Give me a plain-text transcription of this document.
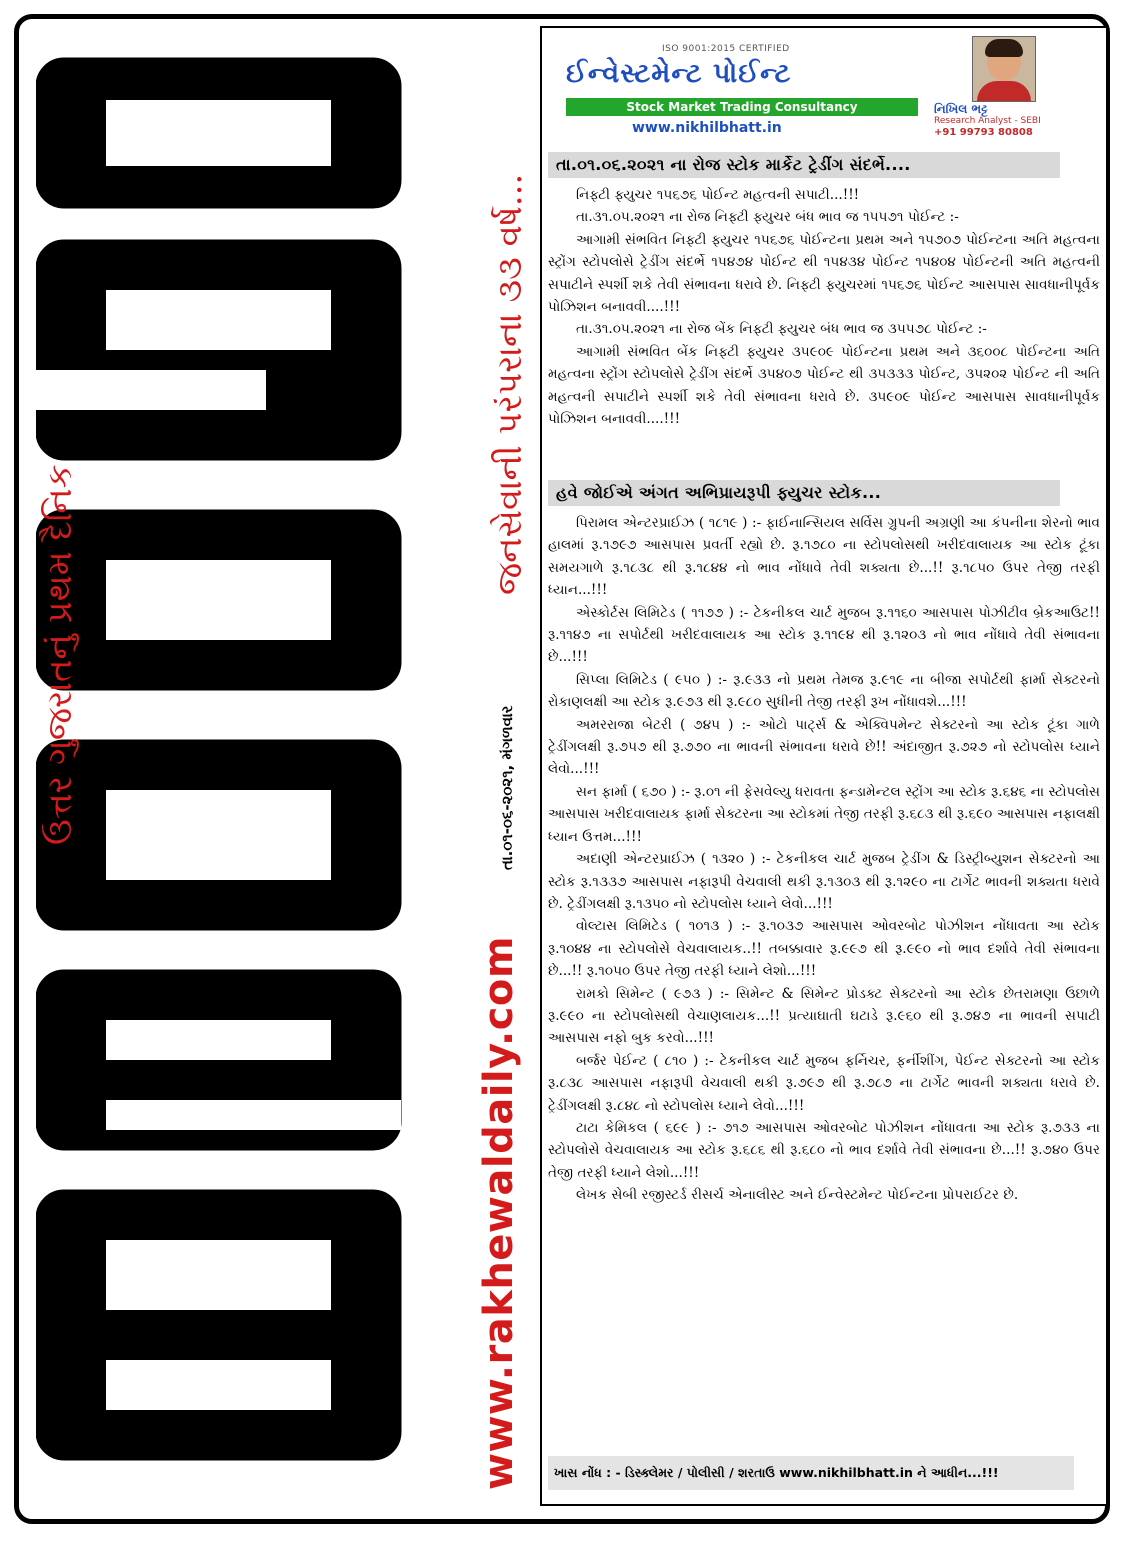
ઉત્તર ગુજરાતનું પ્રથમ દૈનિક
જનસેવાની પરંપરાના ૩૩ વર્ષ...
તા.૦૧-૦૬-૨૦૨૧, મંગળવાર
www.rakhewaldaily.com
ISO 9001:2015 CERTIFIED
ઈન્વેસ્ટમેન્ટ પોઈન્ટ
Stock Market Trading Consultancy
www.nikhilbhatt.in
નિખિલ ભટ્ટ
Research Analyst - SEBI
+91 99793 80808
તા.૦૧.૦૬.૨૦૨૧ ના રોજ સ્ટોક માર્કેટ ટ્રેડીંગ સંદર્ભે....

નિફ્ટી ફ્યુચર ૧૫૬૭૬ પોઈન્ટ મહત્વની સપાટી...!!!

તા.૩૧.૦૫.૨૦૨૧ ના રોજ નિફ્ટી ફ્યુચર બંધ ભાવ જ ૧૫૫૭૧ પોઈન્ટ :-

આગામી સંભવિત નિફ્ટી ફ્યુચર ૧૫૬૭૬ પોઈન્ટના પ્રથમ અને ૧૫૭૦૭ પોઈન્ટના અતિ મહત્વના સ્ટ્રોંગ સ્ટોપલોસે ટ્રેડીંગ સંદર્ભે ૧૫૪૭૪ પોઈન્ટ થી ૧૫૪૩૪ પોઈન્ટ ૧૫૪૦૪ પોઈન્ટની અતિ મહત્વની સપાટીને સ્પર્શી શકે તેવી સંભાવના ધરાવે છે. નિફ્ટી ફ્યુચરમાં ૧૫૬૭૬ પોઈન્ટ આસપાસ સાવધાનીપૂર્વક પોઝિશન બનાવવી....!!!

તા.૩૧.૦૫.૨૦૨૧ ના રોજ બેંક નિફ્ટી ફ્યુચર બંધ ભાવ જ ૩૫૫૭૮ પોઈન્ટ :-

આગામી સંભવિત બેંક નિફ્ટી ફ્યુચર ૩૫૯૦૯ પોઈન્ટના પ્રથમ અને ૩૬૦૦૮ પોઈન્ટના અતિ મહત્વના સ્ટ્રોંગ સ્ટોપલોસે ટ્રેડીંગ સંદર્ભે ૩૫૪૦૭ પોઈન્ટ થી ૩૫૩૩૩ પોઈન્ટ, ૩૫૨૦૨ પોઈન્ટ ની અતિ મહત્વની સપાટીને સ્પર્શી શકે તેવી સંભાવના ધરાવે છે. ૩૫૯૦૯ પોઈન્ટ આસપાસ સાવધાનીપૂર્વક પોઝિશન બનાવવી....!!!

હવે જોઈએ અંગત અભિપ્રાયરૂપી ફ્યુચર સ્ટોક...

પિરામલ એન્ટરપ્રાઈઝ ( ૧૮૧૯ ) :- ફાઈનાન્સિયલ સર્વિસ ગ્રુપની અગ્રણી આ કંપનીના શેરનો ભાવ હાલમાં રૂ.૧૭૯૭ આસપાસ પ્રવર્તી રહ્યો છે. રૂ.૧૭૮૦ ના સ્ટોપલોસથી ખરીદવાલાયક આ સ્ટોક ટૂંકા સમયગાળે રૂ.૧૮૩૮ થી રૂ.૧૮૪૪ નો ભાવ નોંધાવે તેવી શક્યતા છે...!! રૂ.૧૮૫૦ ઉપર તેજી તરફી ધ્યાન...!!!

એસ્કોર્ટસ લિમિટેડ ( ૧૧૭૭ ) :- ટેકનીકલ ચાર્ટ મુજબ રૂ.૧૧૬૦ આસપાસ પોઝીટીવ બ્રેકઆઉટ!! રૂ.૧૧૪૭ ના સપોર્ટથી ખરીદવાલાયક આ સ્ટોક રૂ.૧૧૯૪ થી રૂ.૧૨૦૩ નો ભાવ નોંધાવે તેવી સંભાવના છે...!!!

સિપ્લા લિમિટેડ ( ૯૫૦ ) :- રૂ.૯૩૩ નો પ્રથમ તેમજ રૂ.૯૧૯ ના બીજા સપોર્ટથી ફાર્મા સેક્ટરનો રોકાણલક્ષી આ સ્ટોક રૂ.૯૭૩ થી રૂ.૯૮૦ સુધીની તેજી તરફી રૂખ નોંધાવશે...!!!

અમરરાજા બેટરી ( ૭૪૫ ) :- ઓટો પાર્ટ્સ & એક્વિપમેન્ટ સેક્ટરનો આ સ્ટોક ટૂંકા ગાળે ટ્રેડીંગલક્ષી રૂ.૭૫૭ થી રૂ.૭૭૦ ના ભાવની સંભાવના ધરાવે છે!! અંદાજીત રૂ.૭૨૭ નો સ્ટોપલોસ ધ્યાને લેવો...!!!

સન ફાર્મા ( ૬૭૦ ) :- રૂ.૦૧ ની ફેસવેલ્યુ ધરાવતા ફન્ડામેન્ટલ સ્ટ્રોંગ આ સ્ટોક રૂ.૬૪૬ ના સ્ટોપલોસ આસપાસ ખરીદવાલાયક ફાર્મા સેક્ટરના આ સ્ટોકમાં તેજી તરફી રૂ.૬૮૩ થી રૂ.૬૯૦ આસપાસ નફાલક્ષી ધ્યાન ઉત્તમ...!!!

અદાણી એન્ટરપ્રાઈઝ ( ૧૩૨૦ ) :- ટેકનીકલ ચાર્ટ મુજબ ટ્રેડીંગ & ડિસ્ટ્રીબ્યુશન સેક્ટરનો આ સ્ટોક રૂ.૧૩૩૭ આસપાસ નફારૂપી વેચવાલી થકી રૂ.૧૩૦૩ થી રૂ.૧૨૯૦ ના ટાર્ગેટ ભાવની શક્યતા ધરાવે છે. ટ્રેડીંગલક્ષી રૂ.૧૩૫૦ નો સ્ટોપલોસ ધ્યાને લેવો...!!!

વોલ્ટાસ લિમિટેડ ( ૧૦૧૩ ) :- રૂ.૧૦૩૭ આસપાસ ઓવરબોટ પોઝીશન નોંધાવતા આ સ્ટોક રૂ.૧૦૪૪ ના સ્ટોપલોસે વેચવાલાયક..!! તબક્કાવાર રૂ.૯૯૭ થી રૂ.૯૯૦ નો ભાવ દર્શાવે તેવી સંભાવના છે...!! રૂ.૧૦૫૦ ઉપર તેજી તરફી ધ્યાને લેશો...!!!

રામકો સિમેન્ટ ( ૯૭૩ ) :- સિમેન્ટ & સિમેન્ટ પ્રોડક્ટ સેક્ટરનો આ સ્ટોક છેતરામણા ઉછાળે રૂ.૯૯૦ ના સ્ટોપલોસથી વેચાણલાયક...!! પ્રત્યાઘાતી ઘટાડે રૂ.૯૬૦ થી રૂ.૭૪૭ ના ભાવની સપાટી આસપાસ નફો બુક કરવો...!!!

બર્જર પેઈન્ટ ( ૮૧૦ ) :- ટેકનીકલ ચાર્ટ મુજબ ફર્નિચર, ફર્નીશીંગ, પેઈન્ટ સેક્ટરનો આ સ્ટોક રૂ.૮૩૮ આસપાસ નફારૂપી વેચવાલી થકી રૂ.૭૯૭ થી રૂ.૭૮૭ ના ટાર્ગેટ ભાવની શક્યતા ધરાવે છે. ટ્રેડીંગલક્ષી રૂ.૮૪૮ નો સ્ટોપલોસ ધ્યાને લેવો...!!!

ટાટા કેમિકલ ( ૬૯૯ ) :- ૭૧૭ આસપાસ ઓવરબોટ પોઝીશન નોંધાવતા આ સ્ટોક રૂ.૭૩૩ ના સ્ટોપલોસે વેચવાલાયક આ સ્ટોક રૂ.૬૮૬ થી રૂ.૬૮૦ નો ભાવ દર્શાવે તેવી સંભાવના છે...!! રૂ.૭૪૦ ઉપર તેજી તરફી ધ્યાને લેશો...!!!

લેખક સેબી રજીસ્ટર્ડ રીસર્ચ એનાલીસ્ટ અને ઈન્વેસ્ટમેન્ટ પોઈન્ટના પ્રોપરાઈટર છે.

ખાસ નોંધ : - ડિસ્ક્લેમર / પોલીસી / શરતાઉ www.nikhilbhatt.in ને આધીન...!!!
